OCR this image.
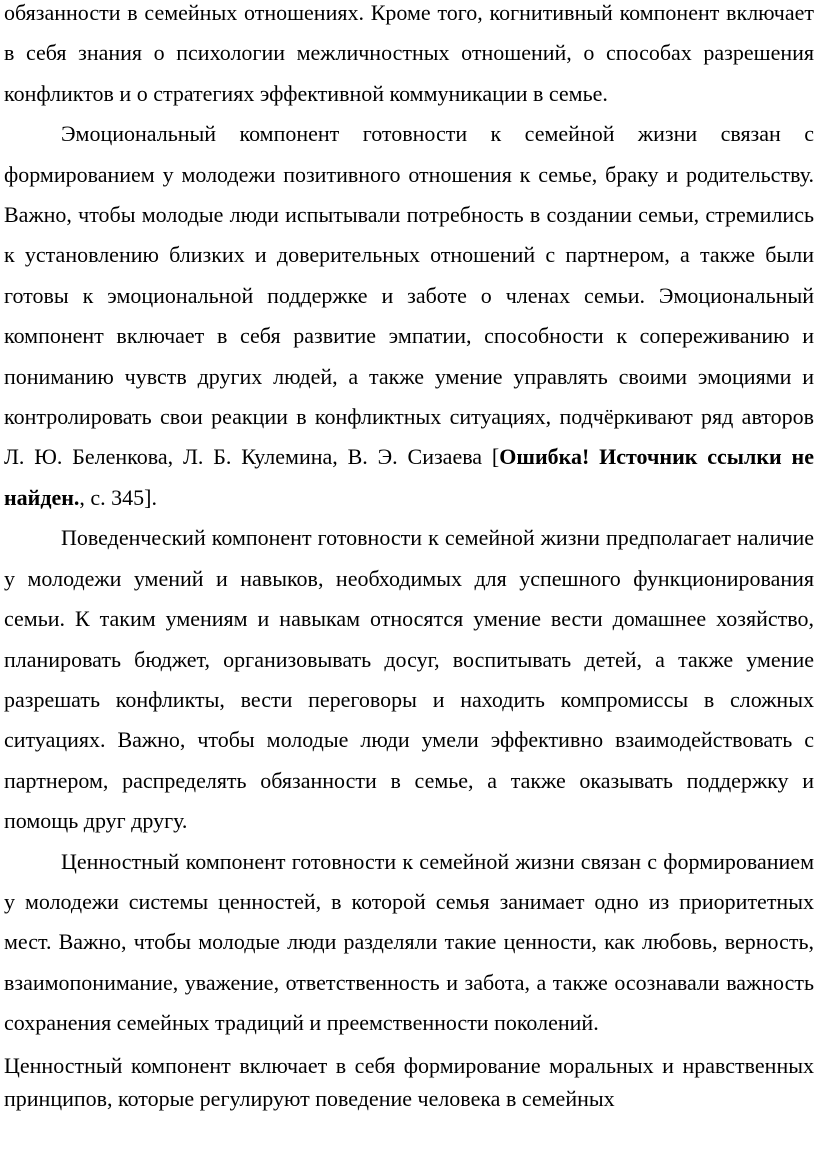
обязанности в семейных отношениях. Кроме того, когнитивный компонент включает в себя знания о психологии межличностных отношений, о способах разрешения конфликтов и о стратегиях эффективной коммуникации в семье.

Эмоциональный компонент готовности к семейной жизни связан с формированием у молодежи позитивного отношения к семье, браку и родительству. Важно, чтобы молодые люди испытывали потребность в создании семьи, стремились к установлению близких и доверительных отношений с партнером, а также были готовы к эмоциональной поддержке и заботе о членах семьи. Эмоциональный компонент включает в себя развитие эмпатии, способности к сопереживанию и пониманию чувств других людей, а также умение управлять своими эмоциями и контролировать свои реакции в конфликтных ситуациях, подчёркивают ряд авторов Л. Ю. Беленкова, Л. Б. Кулемина, В. Э. Сизаева [Ошибка! Источник ссылки не найден., с. 345].

Поведенческий компонент готовности к семейной жизни предполагает наличие у молодежи умений и навыков, необходимых для успешного функционирования семьи. К таким умениям и навыкам относятся умение вести домашнее хозяйство, планировать бюджет, организовывать досуг, воспитывать детей, а также умение разрешать конфликты, вести переговоры и находить компромиссы в сложных ситуациях. Важно, чтобы молодые люди умели эффективно взаимодействовать с партнером, распределять обязанности в семье, а также оказывать поддержку и помощь друг другу.

Ценностный компонент готовности к семейной жизни связан с формированием у молодежи системы ценностей, в которой семья занимает одно из приоритетных мест. Важно, чтобы молодые люди разделяли такие ценности, как любовь, верность, взаимопонимание, уважение, ответственность и забота, а также осознавали важность сохранения семейных традиций и преемственности поколений.

Ценностный компонент включает в себя формирование моральных и нравственных принципов, которые регулируют поведение человека в семейных
